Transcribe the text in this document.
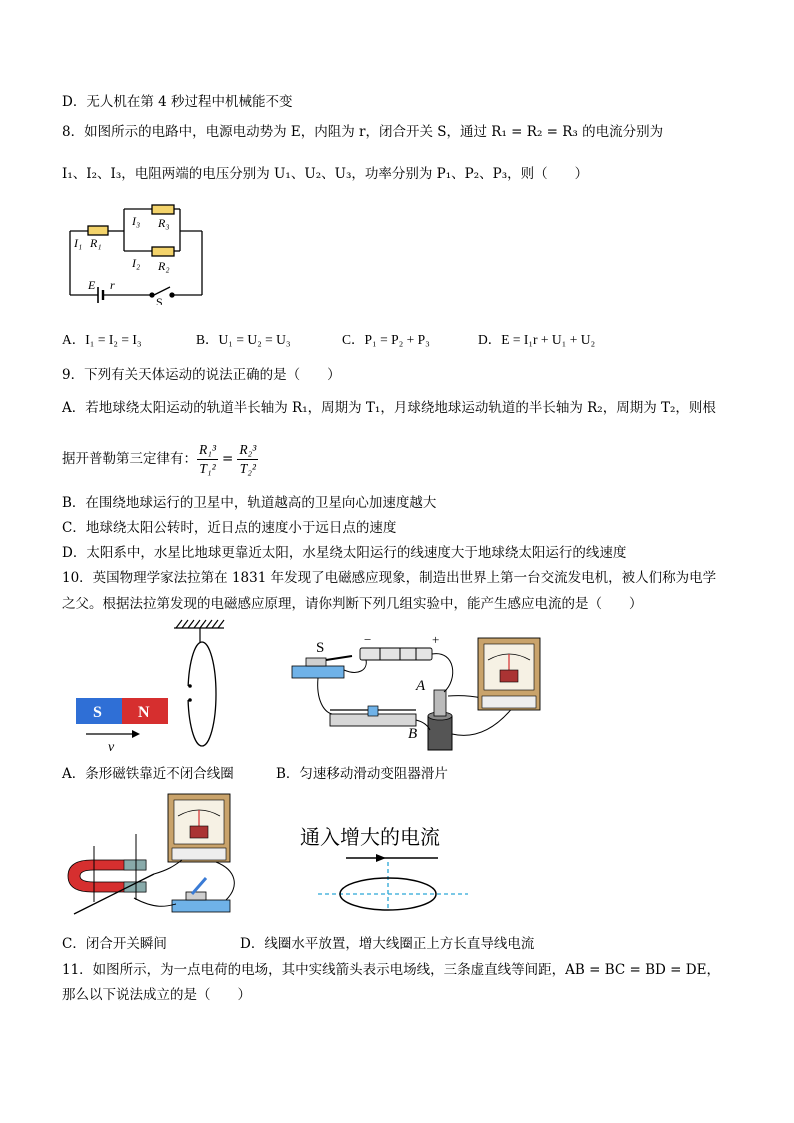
D．无人机在第 4 秒过程中机械能不变
8．如图所示的电路中，电源电动势为 E，内阻为 r，闭合开关 S，通过 R₁ = R₂ = R₃ 的电流分别为
I₁、I₂、I₃，电阻两端的电压分别为 U₁、U₂、U₃，功率分别为 P₁、P₂、P₃，则（　　）
I₁ R₁
I₃ R₃
I₂ R₂
E r
S
A．I₁ = I₂ = I₃	B．U₁ = U₂ = U₃	C．P₁ = P₂ + P₃	D．E = I₁r + U₁ + U₂
9．下列有关天体运动的说法正确的是（　　）
A．若地球绕太阳运动的轨道半长轴为 R₁，周期为 T₁，月球绕地球运动轨道的半长轴为 R₂，周期为 T₂，则根
据开普勒第三定律有： $\frac{\text{R₁³}}{\text{T₁²}} = \frac{\text{R₂³}}{\text{T₂²}}$
B．在围绕地球运行的卫星中，轨道越高的卫星向心加速度越大
C．地球绕太阳公转时，近日点的速度小于远日点的速度
D．太阳系中，水星比地球更靠近太阳，水星绕太阳运行的线速度大于地球绕太阳运行的线速度
10．英国物理学家法拉第在 1831 年发现了电磁感应现象，制造出世界上第一台交流发电机，被人们称为电学
之父。根据法拉第发现的电磁感应原理，请你判断下列几组实验中，能产生感应电流的是（　　）
S N
v
S
−	+
A
B
A．条形磁铁靠近不闭合线圈	B．匀速移动滑动变阻器滑片
通入增大的电流
C．闭合开关瞬间	D．线圈水平放置，增大线圈正上方长直导线电流
11．如图所示，为一点电荷的电场，其中实线箭头表示电场线，三条虚直线等间距，AB = BC = BD = DE，
那么以下说法成立的是（　　）
